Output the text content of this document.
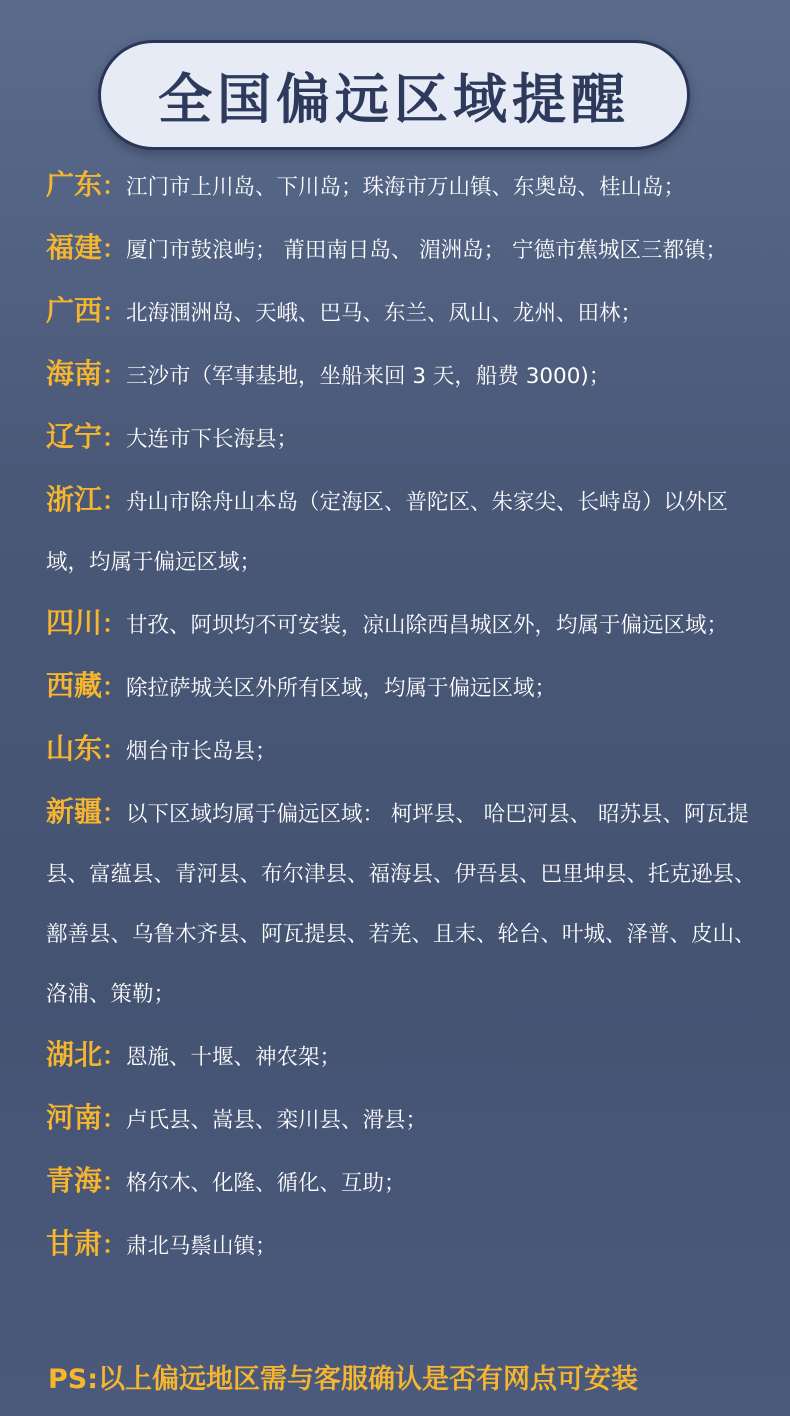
全国偏远区域提醒
广东：江门市上川岛、下川岛；珠海市万山镇、东奥岛、桂山岛；
福建：厦门市鼓浪屿； 莆田南日岛、 湄洲岛； 宁德市蕉城区三都镇；
广西：北海涠洲岛、天峨、巴马、东兰、凤山、龙州、田林；
海南：三沙市（军事基地，坐船来回 3 天，船费 3000)；
辽宁：大连市下长海县；
浙江：舟山市除舟山本岛（定海区、普陀区、朱家尖、长峙岛）以外区域，均属于偏远区域；
四川：甘孜、阿坝均不可安装，凉山除西昌城区外，均属于偏远区域；
西藏：除拉萨城关区外所有区域，均属于偏远区域；
山东：烟台市长岛县；
新疆：以下区域均属于偏远区域： 柯坪县、 哈巴河县、 昭苏县、阿瓦提县、富蕴县、青河县、布尔津县、福海县、伊吾县、巴里坤县、托克逊县、鄯善县、乌鲁木齐县、阿瓦提县、若羌、且末、轮台、叶城、泽普、皮山、洛浦、策勒；
湖北：恩施、十堰、神农架；
河南：卢氏县、嵩县、栾川县、滑县；
青海：格尔木、化隆、循化、互助；
甘肃：肃北马鬃山镇；
PS:以上偏远地区需与客服确认是否有网点可安装
